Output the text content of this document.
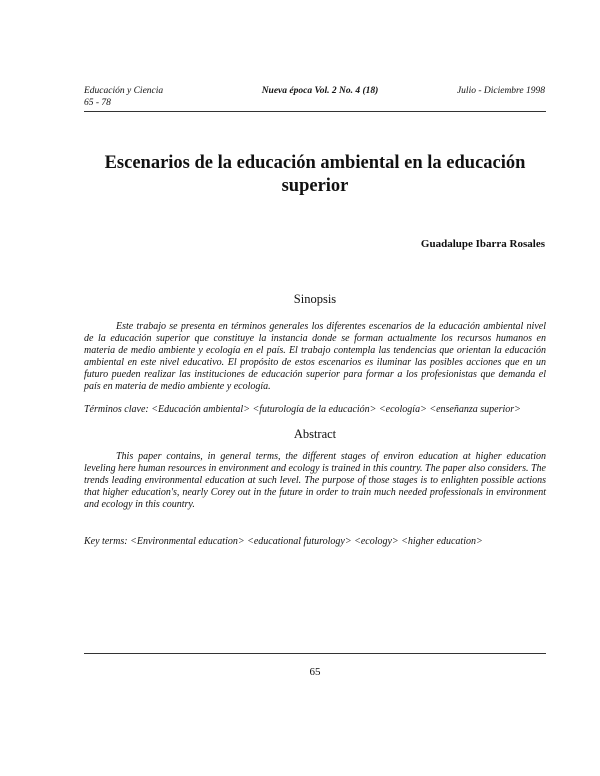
Educación y Ciencia
65 - 78
Nueva época Vol. 2 No. 4 (18)	Julio - Diciembre 1998
Escenarios de la educación ambiental en la educación superior
Guadalupe Ibarra Rosales
Sinopsis
Este trabajo se presenta en términos generales los diferentes escenarios de la educación ambiental nivel de la educación superior que constituye la instancia donde se forman actualmente los recursos humanos en materia de medio ambiente y ecología en el país. El trabajo contempla las tendencias que orientan la educación ambiental en este nivel educativo. El propósito de estos escenarios es iluminar las posibles acciones que en un futuro pueden realizar las instituciones de educación superior para formar a los profesionistas que demanda el país en materia de medio ambiente y ecología.
Términos clave: <Educación ambiental> <futurología de la educación> <ecología> <enseñanza superior>
Abstract
This paper contains, in general terms, the different stages of environ education at higher education leveling here human resources in environment and ecology is trained in this country. The paper also considers. The trends leading environmental education at such level. The purpose of those stages is to enlighten possible actions that higher education's, nearly Corey out in the future in order to train much needed professionals in environment and ecology in this country.
Key terms: <Environmental education> <educational futurology> <ecology> <higher education>
65
